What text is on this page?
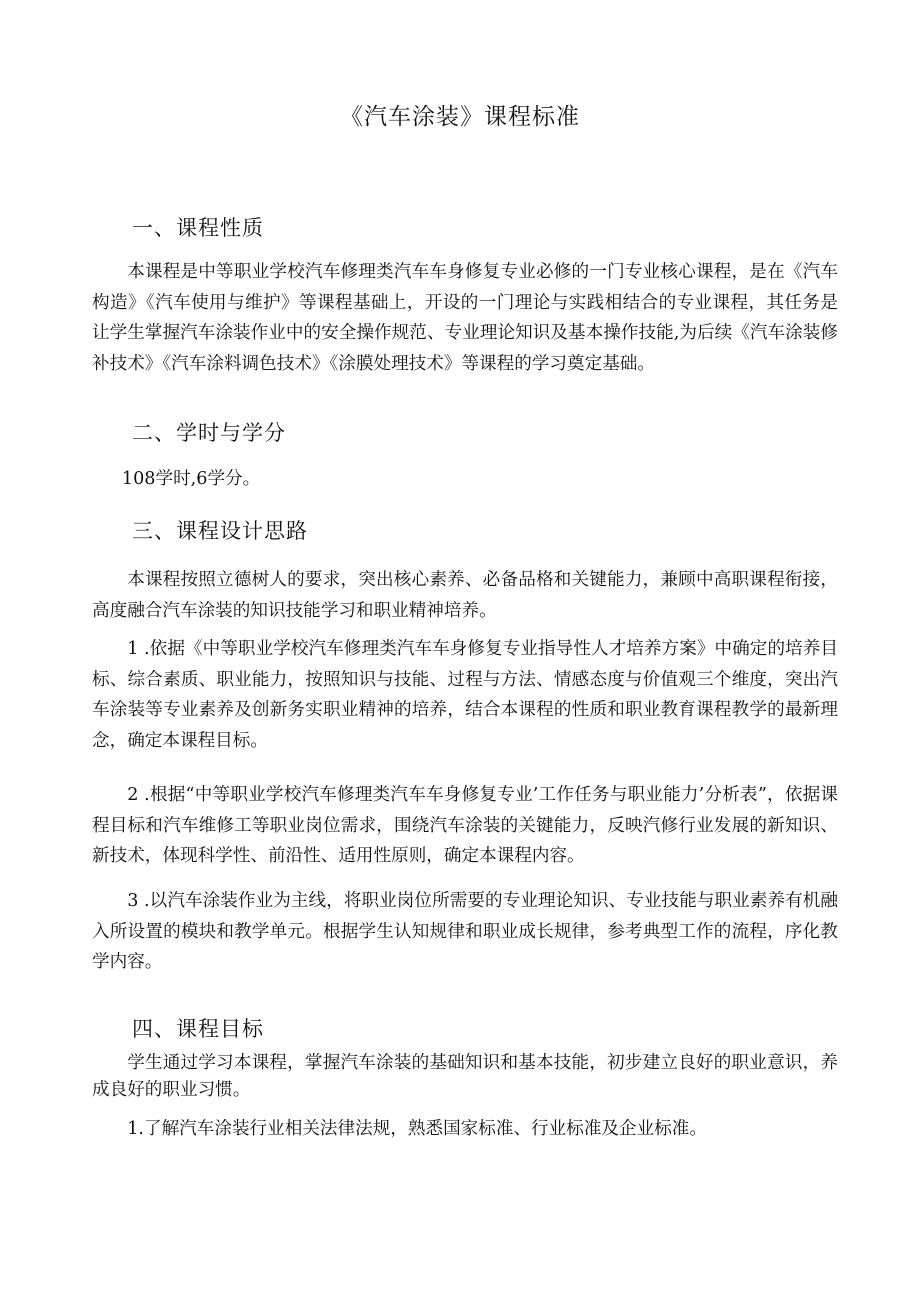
《汽车涂装》课程标准
一、课程性质

本课程是中等职业学校汽车修理类汽车车身修复专业必修的一门专业核心课程，是在《汽车构造》《汽车使用与维护》等课程基础上，开设的一门理论与实践相结合的专业课程，其任务是让学生掌握汽车涂装作业中的安全操作规范、专业理论知识及基本操作技能,为后续《汽车涂装修补技术》《汽车涂料调色技术》《涂膜处理技术》等课程的学习奠定基础。

二、学时与学分

108学时,6学分。

三、课程设计思路

本课程按照立德树人的要求，突出核心素养、必备品格和关键能力，兼顾中高职课程衔接，高度融合汽车涂装的知识技能学习和职业精神培养。

1 .依据《中等职业学校汽车修理类汽车车身修复专业指导性人才培养方案》中确定的培养目标、综合素质、职业能力，按照知识与技能、过程与方法、情感态度与价值观三个维度，突出汽车涂装等专业素养及创新务实职业精神的培养，结合本课程的性质和职业教育课程教学的最新理念，确定本课程目标。

2 .根据“中等职业学校汽车修理类汽车车身修复专业’工作任务与职业能力’分析表”，依据课程目标和汽车维修工等职业岗位需求，围绕汽车涂装的关键能力，反映汽修行业发展的新知识、新技术，体现科学性、前沿性、适用性原则，确定本课程内容。

3 .以汽车涂装作业为主线，将职业岗位所需要的专业理论知识、专业技能与职业素养有机融入所设置的模块和教学单元。根据学生认知规律和职业成长规律，参考典型工作的流程，序化教学内容。

四、课程目标

学生通过学习本课程，掌握汽车涂装的基础知识和基本技能，初步建立良好的职业意识，养成良好的职业习惯。

1.了解汽车涂装行业相关法律法规，熟悉国家标准、行业标准及企业标准。
